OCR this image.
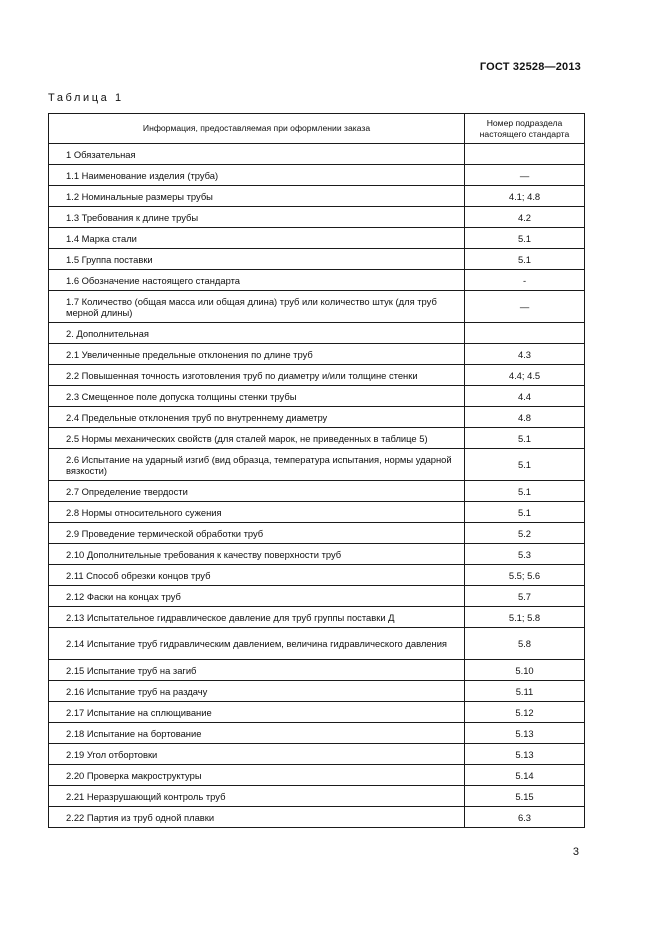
ГОСТ 32528—2013
Таблица 1
Информация, предоставляемая при оформлении заказа	Номер подраздела настоящего стандарта
1 Обязательная	
1.1 Наименование изделия (труба)	—
1.2 Номинальные размеры трубы	4.1; 4.8
1.3 Требования к длине трубы	4.2
1.4 Марка стали	5.1
1.5 Группа поставки	5.1
1.6 Обозначение настоящего стандарта	-
1.7 Количество (общая масса или общая длина) труб или количество штук (для труб мерной длины)	—
2. Дополнительная	
2.1 Увеличенные предельные отклонения по длине труб	4.3
2.2 Повышенная точность изготовления труб по диаметру и/или толщине стенки	4.4; 4.5
2.3 Смещенное поле допуска толщины стенки трубы	4.4
2.4 Предельные отклонения труб по внутреннему диаметру	4.8
2.5 Нормы механических свойств (для сталей марок, не приведенных в таблице 5)	5.1
2.6 Испытание на ударный изгиб (вид образца, температура испытания, нормы ударной вязкости)	5.1
2.7 Определение твердости	5.1
2.8 Нормы относительного сужения	5.1
2.9 Проведение термической обработки труб	5.2
2.10 Дополнительные требования к качеству поверхности труб	5.3
2.11 Способ обрезки концов труб	5.5; 5.6
2.12 Фаски на концах труб	5.7
2.13 Испытательное гидравлическое давление для труб группы поставки Д	5.1; 5.8
2.14 Испытание труб гидравлическим давлением, величина гидравлического давления	5.8
2.15 Испытание труб на загиб	5.10
2.16 Испытание труб на раздачу	5.11
2.17 Испытание на сплющивание	5.12
2.18 Испытание на бортование	5.13
2.19 Угол отбортовки	5.13
2.20 Проверка макроструктуры	5.14
2.21 Неразрушающий контроль труб	5.15
2.22 Партия из труб одной плавки	6.3
3
